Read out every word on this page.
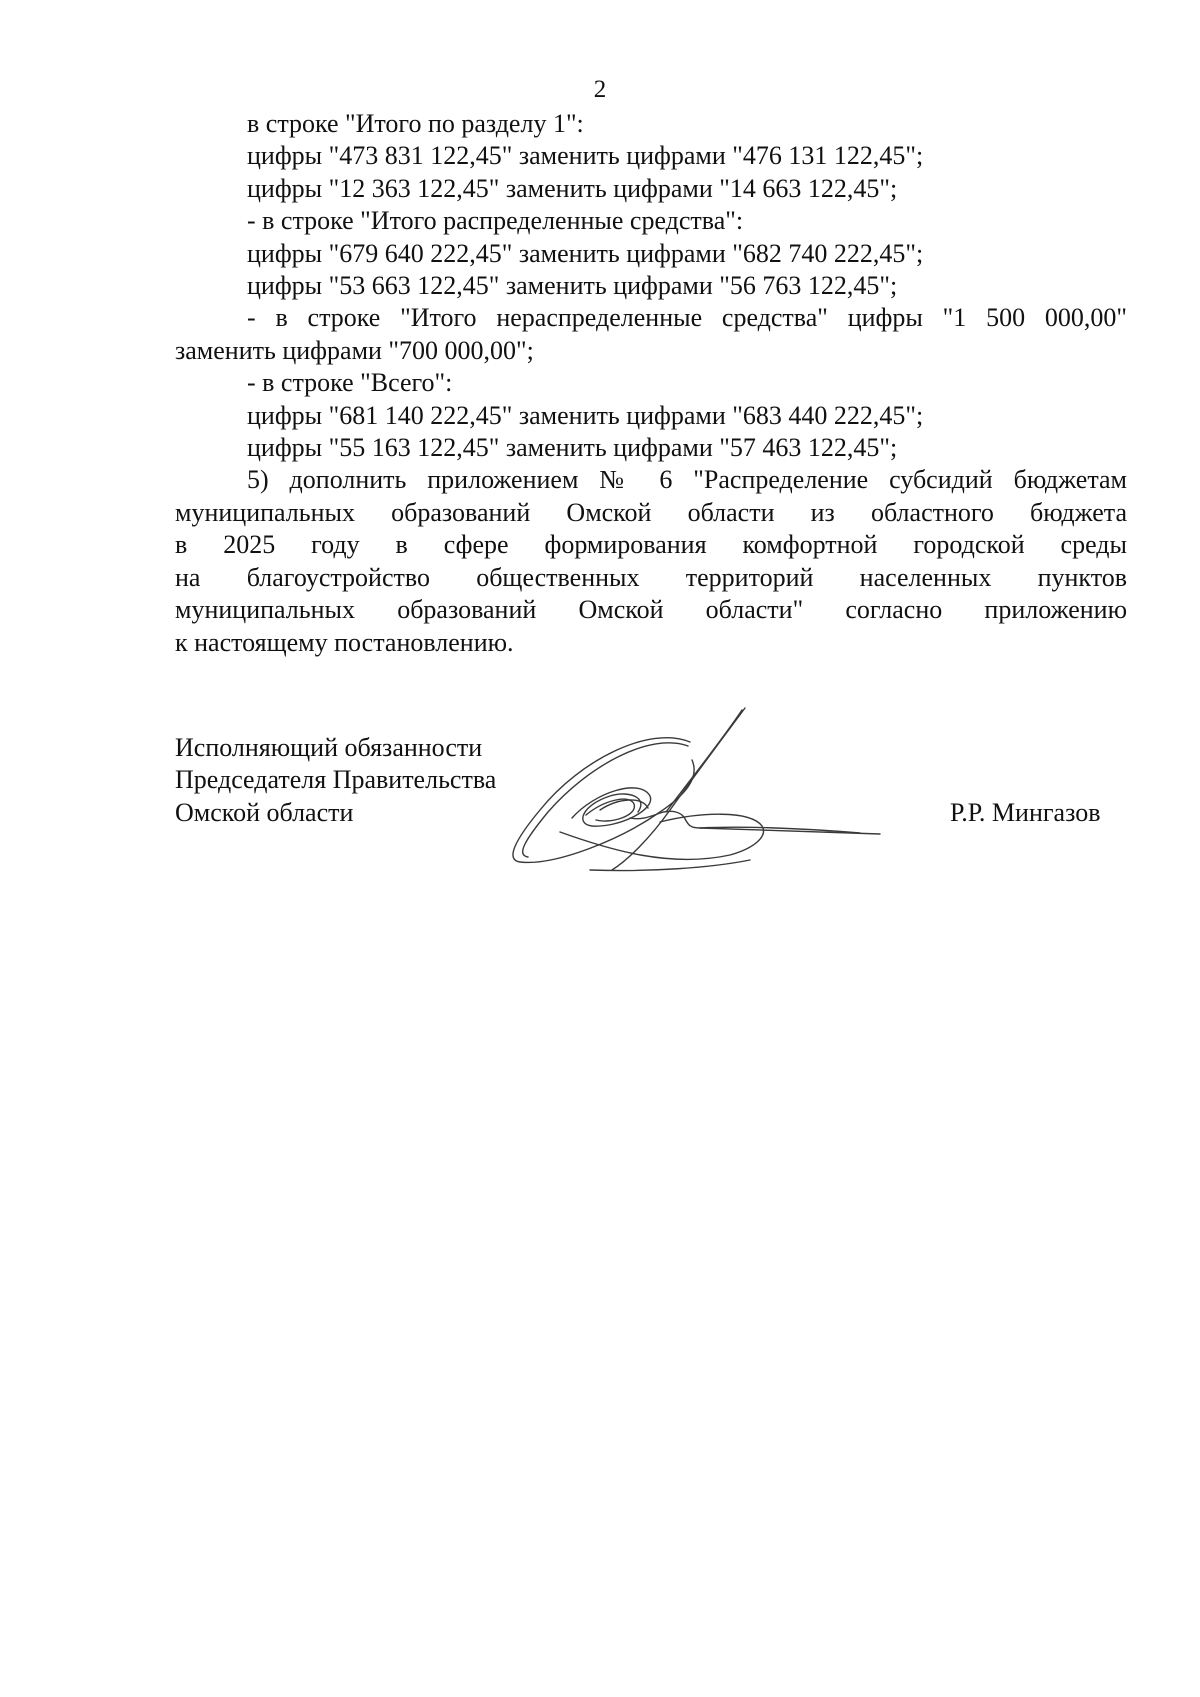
2
в строке "Итого по разделу 1":
цифры "473 831 122,45" заменить цифрами "476 131 122,45";
цифры "12 363 122,45" заменить цифрами "14 663 122,45";
- в строке "Итого распределенные средства":
цифры "679 640 222,45" заменить цифрами "682 740 222,45";
цифры "53 663 122,45" заменить цифрами "56 763 122,45";
- в строке "Итого нераспределенные средства" цифры "1 500 000,00"
заменить цифрами "700 000,00";
- в строке "Всего":
цифры "681 140 222,45" заменить цифрами "683 440 222,45";
цифры "55 163 122,45" заменить цифрами "57 463 122,45";
5) дополнить приложением № 6 "Распределение субсидий бюджетам
муниципальных образований Омской области из областного бюджета
в 2025 году в сфере формирования комфортной городской среды
на благоустройство общественных территорий населенных пунктов
муниципальных образований Омской области" согласно приложению
к настоящему постановлению.
Исполняющий обязанности
Председателя Правительства
Омской области	Р.Р. Мингазов
